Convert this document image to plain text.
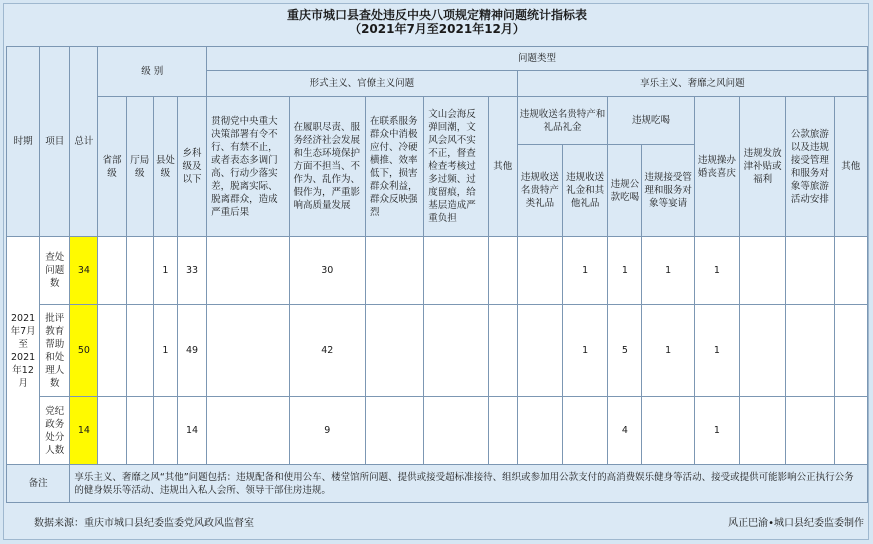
重庆市城口县查处违反中央八项规定精神问题统计指标表
（2021年7月至2021年12月）
时期	项目	总计	级 别				问题类型												
							形式主义、官僚主义问题					享乐主义、奢靡之风问题							
			省部级	厅局级	县处级	乡科级及以下	贯彻党中央重大决策部署有令不行、有禁不止，或者表态多调门高、行动少落实差，脱离实际、脱离群众，造成严重后果	在履职尽责、服务经济社会发展和生态环境保护方面不担当、不作为、乱作为、假作为，严重影响高质量发展	在联系服务群众中消极应付、冷硬横推、效率低下，损害群众利益，群众反映强烈	文山会海反弹回潮，文风会风不实不正，督查检查考核过多过频、过度留痕，给基层造成严重负担	其他	违规收送名贵特产和礼品礼金		违规吃喝		违规操办婚丧喜庆	违规发放津补贴或福利	公款旅游以及违规接受管理和服务对象等旅游活动安排	其他
												违规收送名贵特产类礼品	违规收送礼金和其他礼品	违规公款吃喝	违规接受管理和服务对象等宴请				
2021年7月至2021年12月	查处问题数	34			1	33		30					1	1	1	1			
	批评教育帮助和处理人数	50			1	49		42					1	5	1	1			
	党纪政务处分人数	14				14		9						4		1			
备注		享乐主义、奢靡之风“其他”问题包括：违规配备和使用公车、楼堂馆所问题、提供或接受超标准接待、组织或参加用公款支付的高消费娱乐健身等活动、接受或提供可能影响公正执行公务的健身娱乐等活动、违规出入私人会所、领导干部住房违规。																	
数据来源：重庆市城口县纪委监委党风政风监督室	风正巴渝•城口县纪委监委制作
